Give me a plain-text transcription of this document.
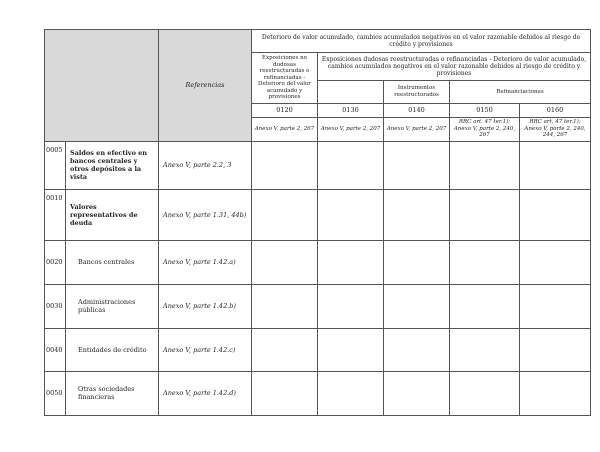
		Referencias	Deterioro de valor acumulado, cambios acumulados negativos en el valor razonable debidos al riesgo de crédito y provisiones				
			Exposiciones no dudosas reestructuradas o refinanciadas - Deterioro del valor acumulado y provisiones	Exposiciones dudosas reestructuradas o refinanciadas - Deterioro de valor acumulado, cambios acumulados negativos en el valor razonable debidos al riesgo de crédito y provisiones		
					Instrumentos reestructurados	Refinanciaciones	
			0120	0130	0140	0150	0160
			Anexo V, parte 2, 267	Anexo V, parte 2, 207	Anexo V, parte 2, 207	RRC art. 47 ter.1); Anexo V, parte 2, 240, 267	RRC art. 47 ter.1); Anexo V, parte 2, 240, 244, 267
0005	Saldos en efectivo en bancos centrales y otros depósitos a la vista	Anexo V, parte 2.2, 3					
0010	Valores representativos de deuda	Anexo V, parte 1.31, 44b)					
0020	Bancos centrales	Anexo V, parte 1.42.a)					
0030	Administraciones públicas	Anexo V, parte 1.42.b)					
0040	Entidades de crédito	Anexo V, parte 1.42.c)					
0050	Otras sociedades financieras	Anexo V, parte 1.42.d)					
